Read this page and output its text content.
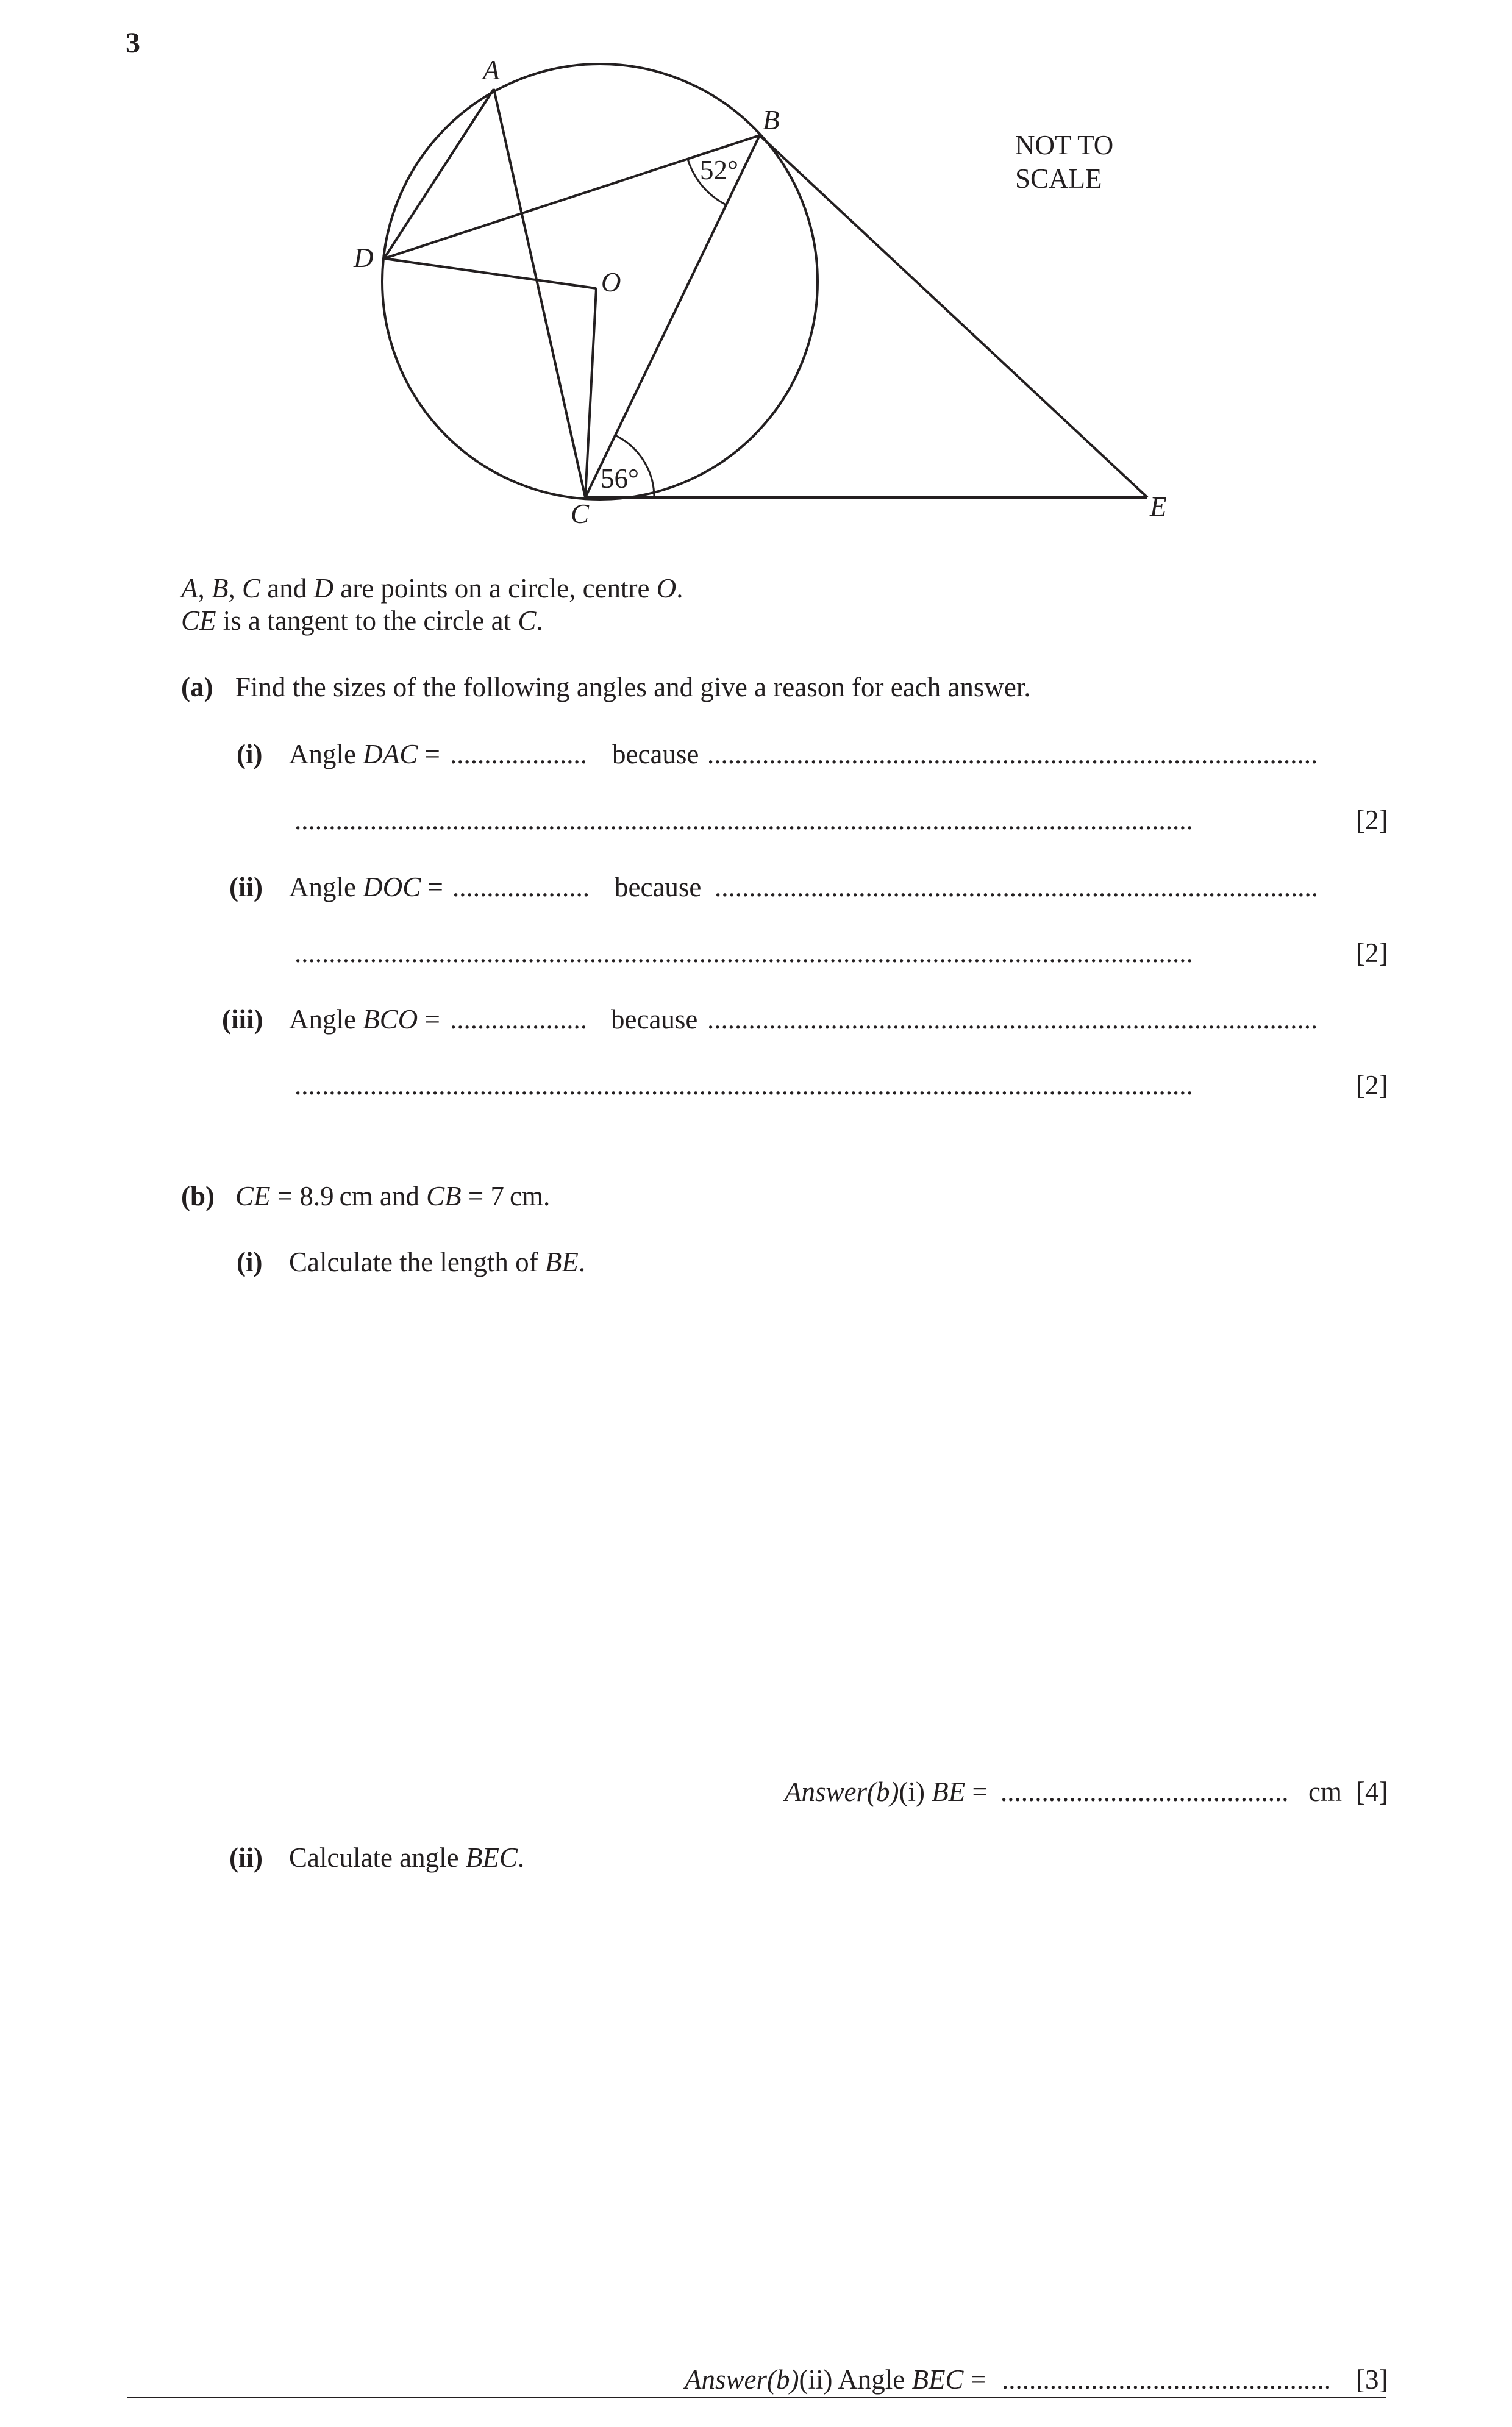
3
A
B
D
O
C	E
52°
56°
NOT TO
SCALE
A, B, C and D are points on a circle, centre O.
CE is a tangent to the circle at C.
(a) Find the sizes of the following angles and give a reason for each answer.
(i) Angle DAC = .................... because .........................................................................................
...................................................................................................................................	[2]
(ii) Angle DOC = .................... because ........................................................................................
...................................................................................................................................	[2]
(iii) Angle BCO = .................... because .........................................................................................
...................................................................................................................................	[2]
(b) CE = 8.9 cm and CB = 7 cm.
(i) Calculate the length of BE.
Answer(b)(i) BE = .......................................... cm [4]
(ii) Calculate angle BEC.
Answer(b)(ii) Angle BEC = ................................................ [3]
